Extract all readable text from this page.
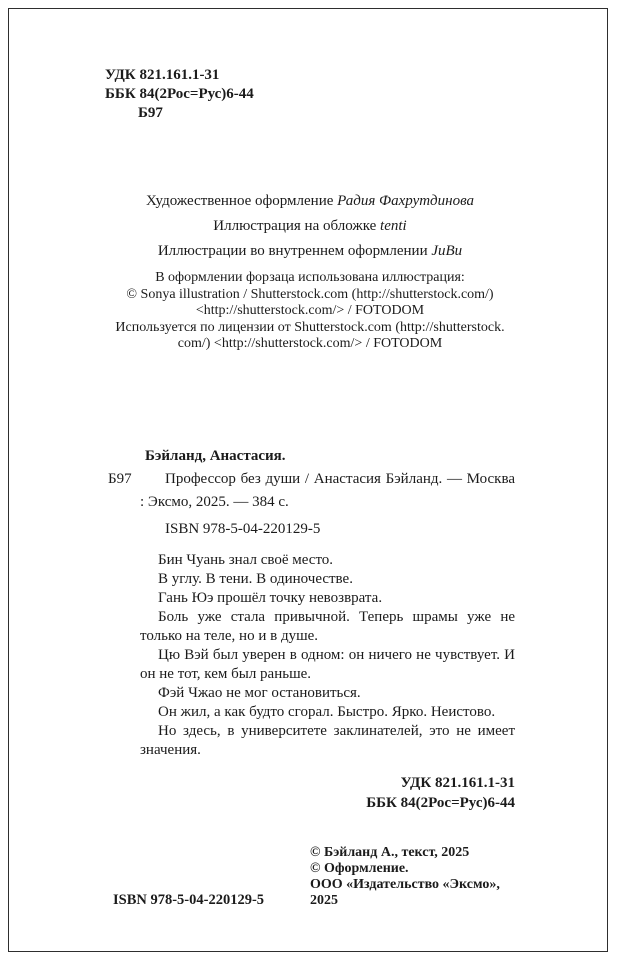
УДК 821.161.1-31
ББК 84(2Рос=Рус)6-44
Б97
Художественное оформление Радия Фахрутдинова
Иллюстрация на обложке tenti
Иллюстрации во внутреннем оформлении JuBu
В оформлении форзаца использована иллюстрация:
© Sonya illustration / Shutterstock.com (http://shutterstock.com/)
<http://shutterstock.com/> / FOTODOM
Используется по лицензии от Shutterstock.com (http://shutterstock.
com/) <http://shutterstock.com/> / FOTODOM
Бэйланд, Анастасия.
Б97	Профессор без души / Анастасия Бэйланд. — Москва : Эксмо, 2025. — 384 с.
ISBN 978-5-04-220129-5

Бин Чуань знал своё место.

В углу. В тени. В одиночестве.

Гань Юэ прошёл точку невозврата.

Боль уже стала привычной. Теперь шрамы уже не только на теле, но и в душе.

Цю Вэй был уверен в одном: он ничего не чувствует. И он не тот, кем был раньше.

Фэй Чжао не мог остановиться.

Он жил, а как будто сгорал. Быстро. Ярко. Неистово.

Но здесь, в университете заклинателей, это не имеет значения.

УДК 821.161.1-31
ББК 84(2Рос=Рус)6-44
ISBN 978-5-04-220129-5
© Бэйланд А., текст, 2025
© Оформление.
ООО «Издательство «Эксмо», 2025
